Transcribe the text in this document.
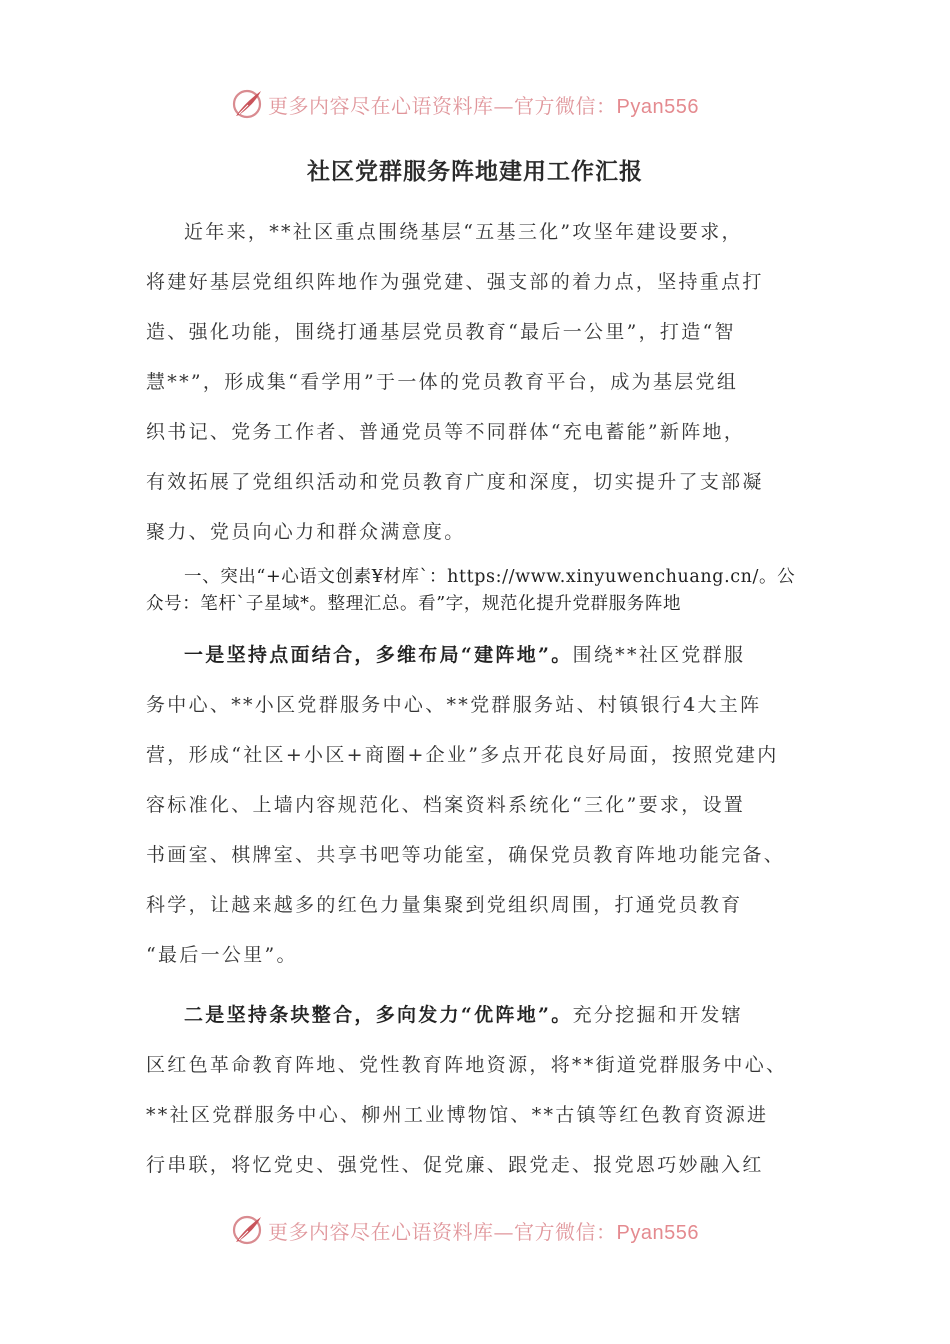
更多内容尽在心语资料库—官方微信：Pyan556
社区党群服务阵地建用工作汇报

近年来，**社区重点围绕基层“五基三化”攻坚年建设要求，
将建好基层党组织阵地作为强党建、强支部的着力点，坚持重点打
造、强化功能，围绕打通基层党员教育“最后一公里”，打造“智
慧**”，形成集“看学用”于一体的党员教育平台，成为基层党组
织书记、党务工作者、普通党员等不同群体“充电蓄能”新阵地，
有效拓展了党组织活动和党员教育广度和深度，切实提升了支部凝
聚力、党员向心力和群众满意度。

一、突出“+心语文创素¥材库`：https://www.xinyuwenchuang.cn/。公
众号：笔杆`子星域*。整理汇总。看”字，规范化提升党群服务阵地

一是坚持点面结合，多维布局“建阵地”。围绕**社区党群服
务中心、**小区党群服务中心、**党群服务站、村镇银行4大主阵
营，形成“社区+小区+商圈+企业”多点开花良好局面，按照党建内
容标准化、上墙内容规范化、档案资料系统化“三化”要求，设置
书画室、棋牌室、共享书吧等功能室，确保党员教育阵地功能完备、
科学，让越来越多的红色力量集聚到党组织周围，打通党员教育
“最后一公里”。

二是坚持条块整合，多向发力“优阵地”。充分挖掘和开发辖
区红色革命教育阵地、党性教育阵地资源，将**街道党群服务中心、
**社区党群服务中心、柳州工业博物馆、**古镇等红色教育资源进
行串联，将忆党史、强党性、促党廉、跟党走、报党恩巧妙融入红

更多内容尽在心语资料库—官方微信：Pyan556
